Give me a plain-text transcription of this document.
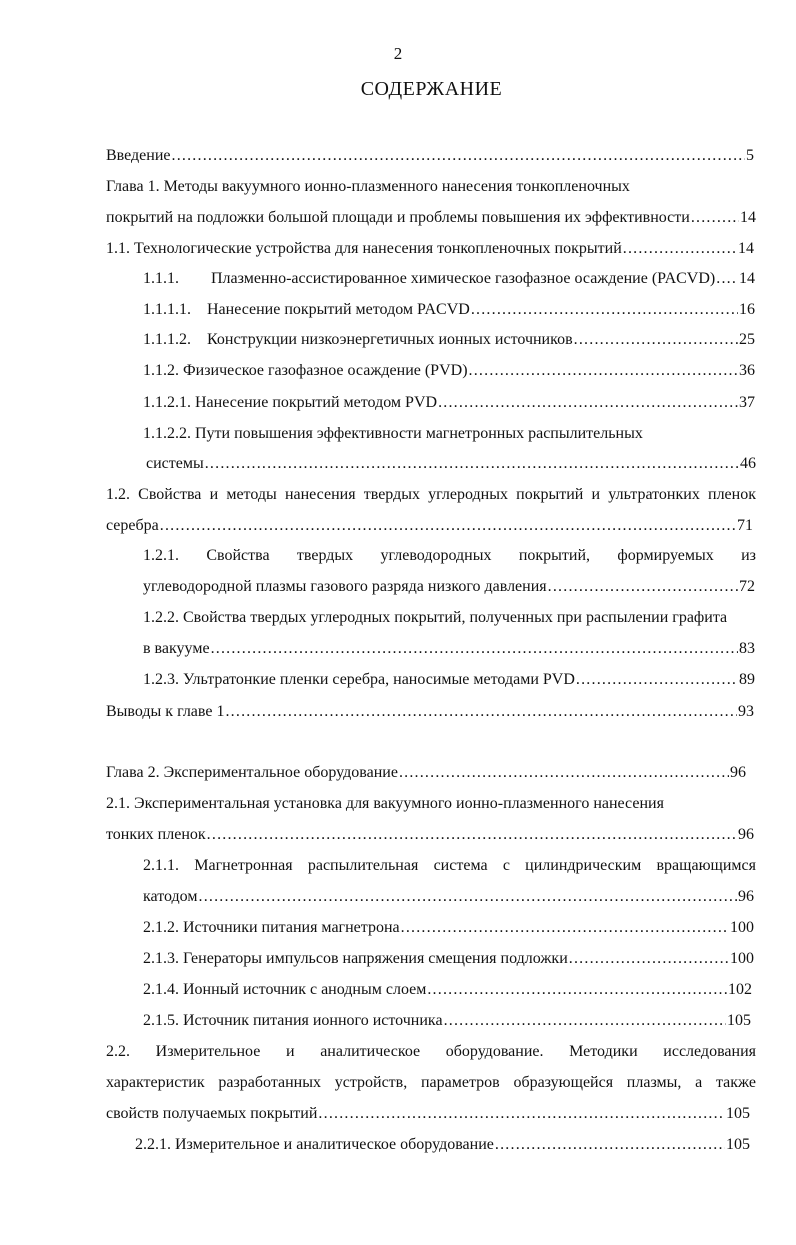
2
СОДЕРЖАНИЕ
Введение .....	5
Глава 1. Методы вакуумного ионно-плазменного нанесения тонкопленочных
покрытий на подложки большой площади и проблемы повышения их эффективности .....	14
1.1. Технологические устройства для нанесения тонкопленочных покрытий .....	14
1.1.1.  Плазменно-ассистированное химическое газофазное осаждение (PACVD) ..... 14
1.1.1.1.  Нанесение покрытий методом PACVD .....	16
1.1.1.2.  Конструкции низкоэнергетичных ионных источников .....	25
1.1.2. Физическое газофазное осаждение (PVD) .....	36
1.1.2.1. Нанесение покрытий методом PVD .....	37
1.1.2.2. Пути повышения эффективности магнетронных распылительных
системы .....	46
1.2. Свойства и методы нанесения твердых углеродных покрытий и ультратонких пленок
серебра .....	71
1.2.1. Свойства твердых углеводородных покрытий, формируемых из
углеводородной плазмы газового разряда низкого давления .....	72
1.2.2. Свойства твердых углеродных покрытий, полученных при распылении графита
в вакууме .....	83
1.2.3. Ультратонкие пленки серебра, наносимые методами PVD .....	89
Выводы к главе 1 .....	93
Глава 2. Экспериментальное оборудование .....	96
2.1. Экспериментальная установка для вакуумного ионно-плазменного нанесения
тонких пленок .....	96
2.1.1. Магнетронная распылительная система с цилиндрическим вращающимся
катодом .....	96
2.1.2. Источники питания магнетрона .....	100
2.1.3. Генераторы импульсов напряжения смещения подложки .....	100
2.1.4. Ионный источник с анодным слоем .....	102
2.1.5. Источник питания ионного источника .....	105
2.2. Измерительное и аналитическое оборудование. Методики исследования
характеристик разработанных устройств, параметров образующейся плазмы, а также
свойств получаемых покрытий .....	105
2.2.1. Измерительное и аналитическое оборудование .....	105
